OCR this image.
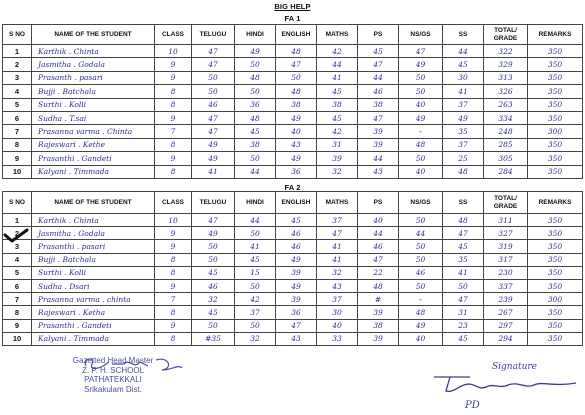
BIG HELP
FA 1
S NO	NAME OF THE STUDENT	CLASS	TELUGU	HINDI	ENGLISH	MATHS	PS	NS/GS	SS	TOTAL/ GRADE	REMARKS
1	Karthik . Chinta	10	47	49	48	42	45	47	44	322	350
2	Jasmitha . Godala	9	47	50	47	44	47	49	45	329	350
3	Prasanth . pasari	9	50	48	50	41	44	50	30	313	350
4	Bujji . Batchala	8	50	50	48	45	46	50	41	326	350
5	Surthi . Kolli	8	46	36	38	38	38	40	37	263	350
6	Sudha . T.sai	9	47	48	49	45	47	49	49	334	350
7	Prasanna varma . Chinta	7	47	45	40	42	39	-	35	248	300
8	Rajeswari . Kethe	8	49	38	43	31	39	48	37	285	350
9	Prasanthi . Gandeti	9	49	50	49	39	44	50	25	305	350
10	Kalyani . Timmada	8	41	44	36	32	43	40	48	284	350
FA 2
S NO	NAME OF THE STUDENT	CLASS	TELUGU	HINDI	ENGLISH	MATHS	PS	NS/GS	SS	TOTAL/ GRADE	REMARKS
1	Karthik . Chinta	10	47	44	45	37	40	50	48	311	350
2	Jasmitha . Godala	9	49	50	46	47	44	44	47	327	350
3	Prasanthi . pasari	9	50	41	46	41	46	50	45	319	350
4	Bujji . Batchala	8	50	45	49	41	47	50	35	317	350
5	Surthi . Kolli	8	45	15	39	32	22	46	41	230	350
6	Sudha . Dsari	9	46	50	49	43	48	50	50	337	350
7	Prasanna varma . chinta	7	32	42	39	37	#	-	47	239	300
8	Rajeswari . Ketha	8	45	37	36	30	39	48	31	267	350
9	Prasanthi . Gandeti	9	50	50	47	40	38	49	23	297	350
10	Kalyani . Timmada	8	#35	32	43	33	39	40	45	294	350
Gazetted Head Master
Z. P. H. SCHOOL
PATHATEKKALI
Srikakulam Dist.
Signature
PD
